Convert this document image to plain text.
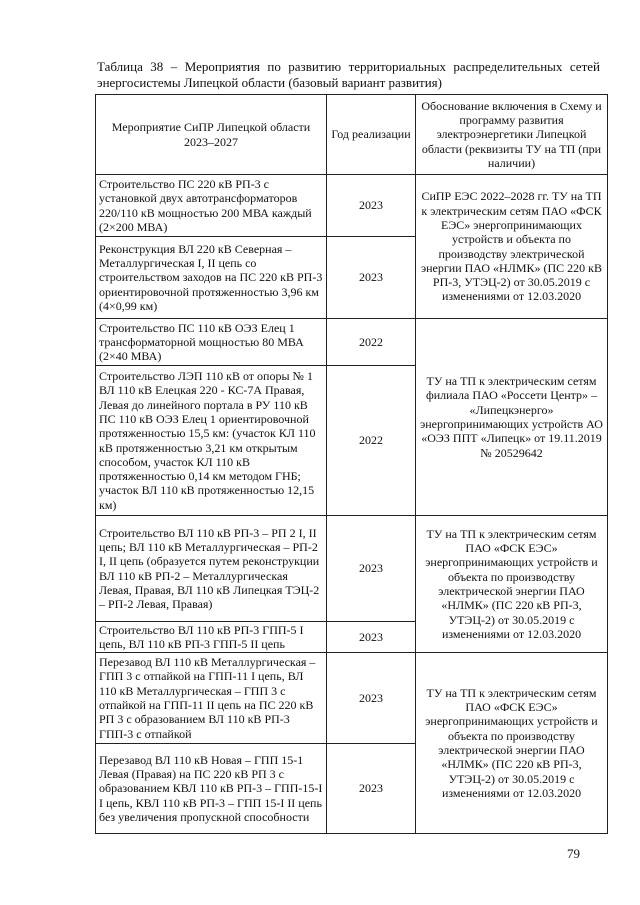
Таблица 38 – Мероприятия по развитию территориальных распределительных сетей энергосистемы Липецкой области (базовый вариант развития)
Мероприятие СиПР Липецкой области 2023–2027	Год реализации	Обоснование включения в Схему и программу развития электроэнергетики Липецкой области (реквизиты ТУ на ТП (при наличии)
Строительство ПС 220 кВ РП-3 с установкой двух автотрансформаторов 220/110 кВ мощностью 200 МВА каждый (2×200 МВА)	2023	СиПР ЕЭС 2022–2028 гг. ТУ на ТП к электрическим сетям ПАО «ФСК ЕЭС» энергопринимающих устройств и объекта по производству электрической энергии ПАО «НЛМК» (ПС 220 кВ РП-3, УТЭЦ-2) от 30.05.2019 с изменениями от 12.03.2020
Реконструкция ВЛ 220 кВ Северная – Металлургическая I, II цепь со строительством заходов на ПС 220 кВ РП-3 ориентировочной протяженностью 3,96 км (4×0,99 км)	2023	
Строительство ПС 110 кВ ОЭЗ Елец 1 трансформаторной мощностью 80 МВА (2×40 МВА)	2022	ТУ на ТП к электрическим сетям филиала ПАО «Россети Центр» – «Липецкэнерго» энергопринимающих устройств АО «ОЭЗ ППТ «Липецк» от 19.11.2019 № 20529642
Строительство ЛЭП 110 кВ от опоры № 1 ВЛ 110 кВ Елецкая 220 - КС-7А Правая, Левая до линейного портала в РУ 110 кВ ПС 110 кВ ОЭЗ Елец 1 ориентировочной протяженностью 15,5 км: (участок КЛ 110 кВ протяженностью 3,21 км открытым способом, участок КЛ 110 кВ протяженностью 0,14 км методом ГНБ; участок ВЛ 110 кВ протяженностью 12,15 км)	2022	
Строительство ВЛ 110 кВ РП-3 – РП 2 I, II цепь; ВЛ 110 кВ Металлургическая – РП-2 I, II цепь (образуется путем реконструкции ВЛ 110 кВ РП-2 – Металлургическая Левая, Правая, ВЛ 110 кВ Липецкая ТЭЦ-2 – РП-2 Левая, Правая)	2023	ТУ на ТП к электрическим сетям ПАО «ФСК ЕЭС» энергопринимающих устройств и объекта по производству электрической энергии ПАО «НЛМК» (ПС 220 кВ РП-3, УТЭЦ-2) от 30.05.2019 с изменениями от 12.03.2020
Строительство ВЛ 110 кВ РП-3 ГПП-5 I цепь, ВЛ 110 кВ РП-3 ГПП-5 II цепь	2023	
Перезавод ВЛ 110 кВ Металлургическая – ГПП 3 с отпайкой на ГПП-11 I цепь, ВЛ 110 кВ Металлургическая – ГПП 3 с отпайкой на ГПП-11 II цепь на ПС 220 кВ РП 3 с образованием ВЛ 110 кВ РП-3 ГПП-3 с отпайкой	2023	ТУ на ТП к электрическим сетям ПАО «ФСК ЕЭС» энергопринимающих устройств и объекта по производству электрической энергии ПАО «НЛМК» (ПС 220 кВ РП-3, УТЭЦ-2) от 30.05.2019 с изменениями от 12.03.2020
Перезавод ВЛ 110 кВ Новая – ГПП 15-1 Левая (Правая) на ПС 220 кВ РП 3 с образованием КВЛ 110 кВ РП-3 – ГПП-15-I I цепь, КВЛ 110 кВ РП-3 – ГПП 15-I II цепь без увеличения пропускной способности	2023	
79
